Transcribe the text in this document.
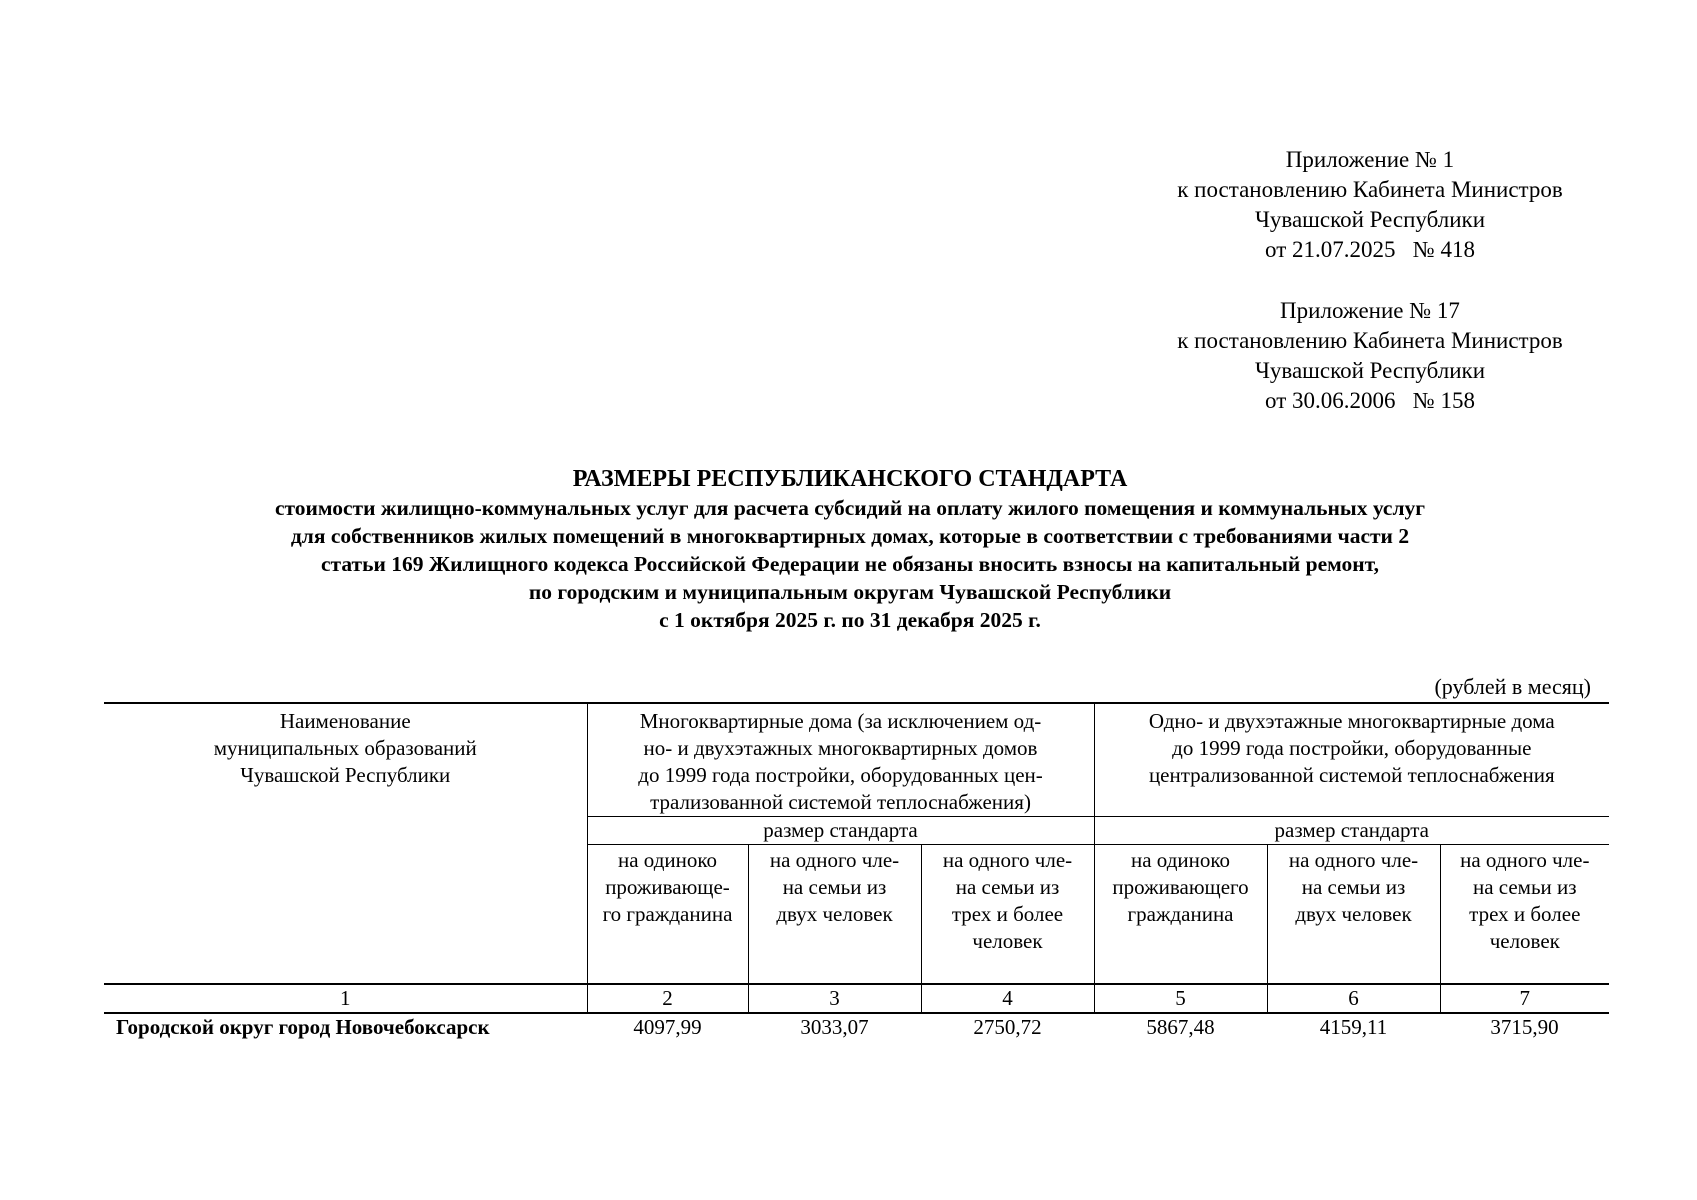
Приложение № 1
к постановлению Кабинета Министров
Чувашской Республики
от 21.07.2025   № 418
Приложение № 17
к постановлению Кабинета Министров
Чувашской Республики
от 30.06.2006   № 158
РАЗМЕРЫ РЕСПУБЛИКАНСКОГО СТАНДАРТА
стоимости жилищно-коммунальных услуг для расчета субсидий на оплату жилого помещения и коммунальных услуг
для собственников жилых помещений в многоквартирных домах, которые в соответствии с требованиями части 2
статьи 169 Жилищного кодекса Российской Федерации не обязаны вносить взносы на капитальный ремонт,
по городским и муниципальным округам Чувашской Республики
с 1 октября 2025 г. по 31 декабря 2025 г.
(рублей в месяц)
Наименование
муниципальных образований
Чувашской Республики	Многоквартирные дома (за исключением од-
но- и двухэтажных многоквартирных домов
до 1999 года постройки, оборудованных цен-
трализованной системой теплоснабжения)			Одно- и двухэтажные многоквартирные дома
до 1999 года постройки, оборудованные
централизованной системой теплоснабжения		

	размер стандарта			размер стандарта		

	на одиноко
проживающе-
го гражданина	на одного чле-
на семьи из
двух человек	на одного чле-
на семьи из
трех и более
человек	на одиноко
проживающего
гражданина	на одного чле-
на семьи из
двух человек	на одного чле-
на семьи из
трех и более
человек

1	2	3	4	5	6	7
Городской округ город Новочебоксарск	4097,99	3033,07	2750,72	5867,48	4159,11	3715,90
